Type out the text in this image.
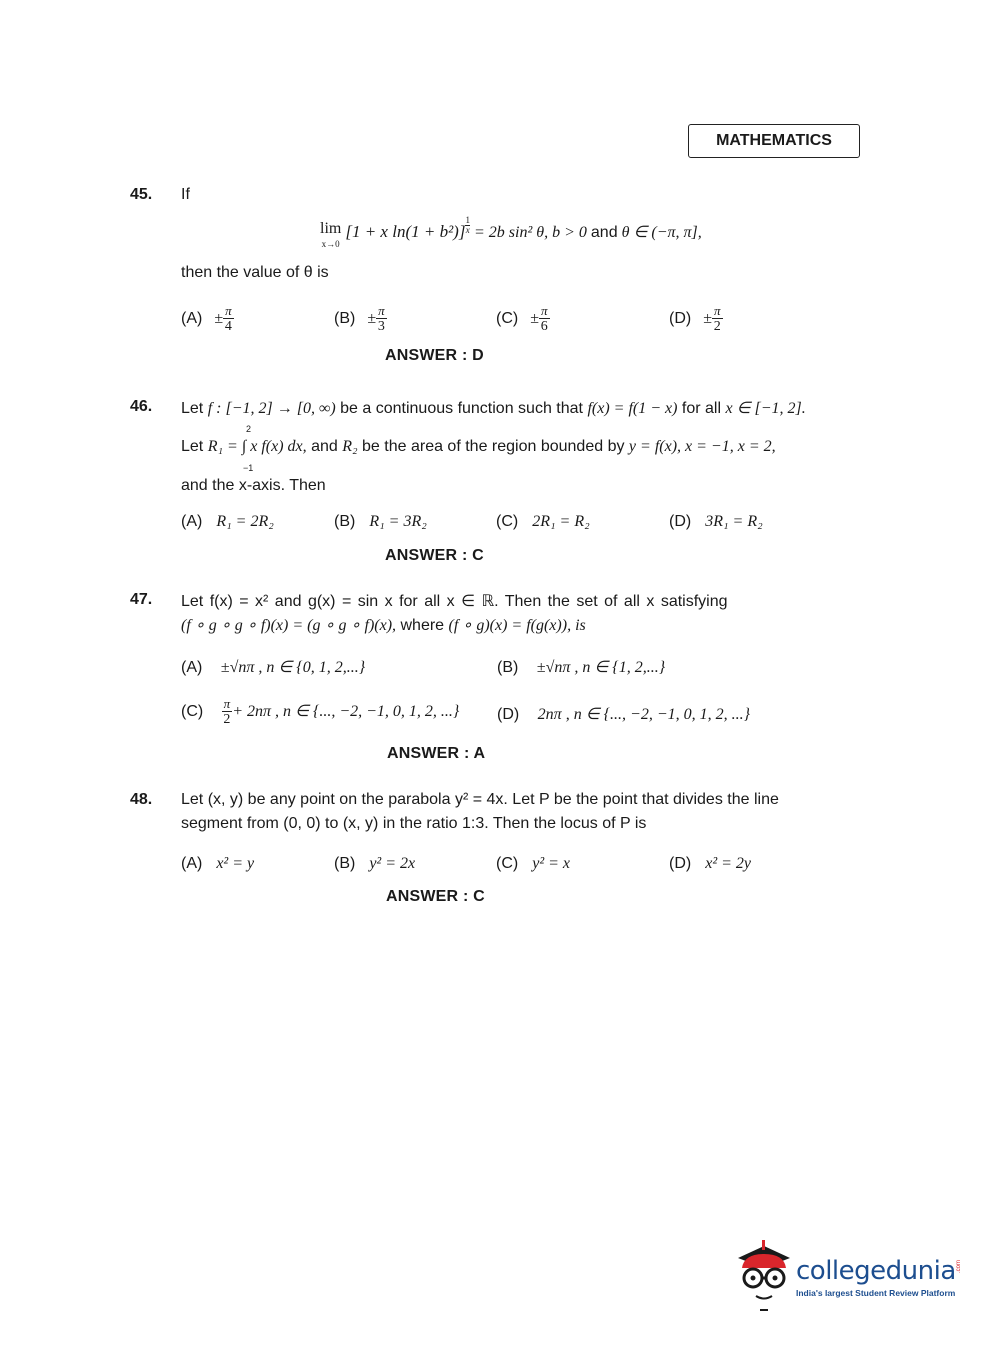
MATHEMATICS
45. If
lim
x→0 [1 + x $\ln(1 + b^2)] \frac{1}{x} = 2b$ sin² θ, b > 0 and θ ∈ (−π, π],
then the value of θ is
$(A) \pm \frac{\pi}{4}$	$(B) \pm \frac{\pi}{3}$	$(C) \pm \frac{\pi}{6}$	$(D) \pm \frac{\pi}{2}$
ANSWER : D
46. Let f : [−1, 2] → [0, ∞) be a continuous function such that f(x) = f(1 − x) for all x ∈ [−1, 2].
2
−1
Let R₁ = ∫ x f(x) dx, and R₂ be the area of the region bounded by y = f(x), x = −1, x = 2,
and the x-axis. Then
(A) R₁ = 2R₂	(B) R₁ = 3R₂	(C) 2R₁ = R₂	(D) 3R₁ = R₂
ANSWER : C
47. Let f(x) = x² and g(x) = sin x for all x ∈ ℝ. Then the set of all x satisfying
(f ∘ g ∘ g ∘ f)(x) = (g ∘ g ∘ f)(x), where (f ∘ g)(x) = f(g(x)), is
(A) ±√nπ , n ∈ {0, 1, 2,...}	(B) ±√nπ , n ∈ {1, 2,...}
$(C) \frac{\pi}{2} + 2n\pi$ , n ∈ {..., −2, −1, 0, 1, 2, ...} (D) 2nπ , n ∈ {..., −2, −1, 0, 1, 2, ...}
ANSWER : A
48. Let (x, y) be any point on the parabola y² = 4x. Let P be the point that divides the line
segment from (0, 0) to (x, y) in the ratio 1:3. Then the locus of P is
(A) x² = y	(B) y² = 2x	(C) y² = x	(D) x² = 2y
ANSWER : C
collegedunia .com
India's largest Student Review Platform
